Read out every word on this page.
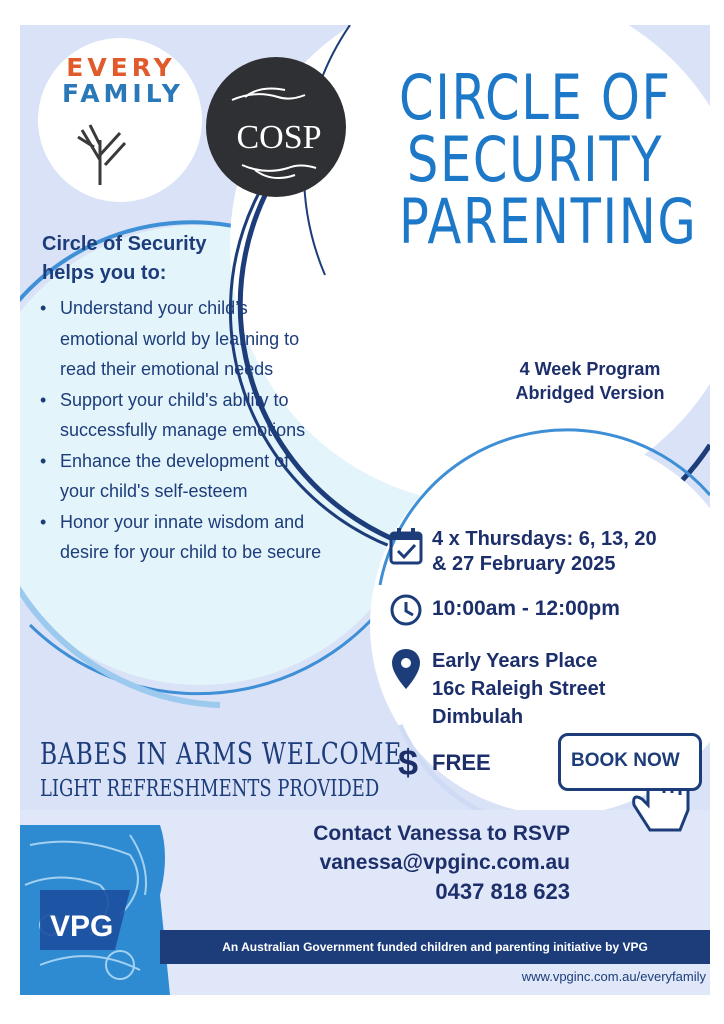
EVERY
FAMILY
COSP
CIRCLE OF
SECURITY
PARENTING
4 Week Program
Abridged Version
Circle of Security
helps you to:
• Understand your child’s emotional world by learning to read their emotional needs
• Support your child's ability to successfully manage emotions
• Enhance the development of your child's self-esteem
• Honor your innate wisdom and desire for your child to be secure
4 x Thursdays: 6, 13, 20
& 27 February 2025
10:00am - 12:00pm
Early Years Place
16c Raleigh Street
Dimbulah
BABES IN ARMS WELCOME
LIGHT REFRESHMENTS PROVIDED
$ FREE	BOOK NOW
Contact Vanessa to RSVP
vanessa@vpginc.com.au
0437 818 623
VPG
An Australian Government funded children and parenting initiative by VPG
www.vpginc.com.au/everyfamily
